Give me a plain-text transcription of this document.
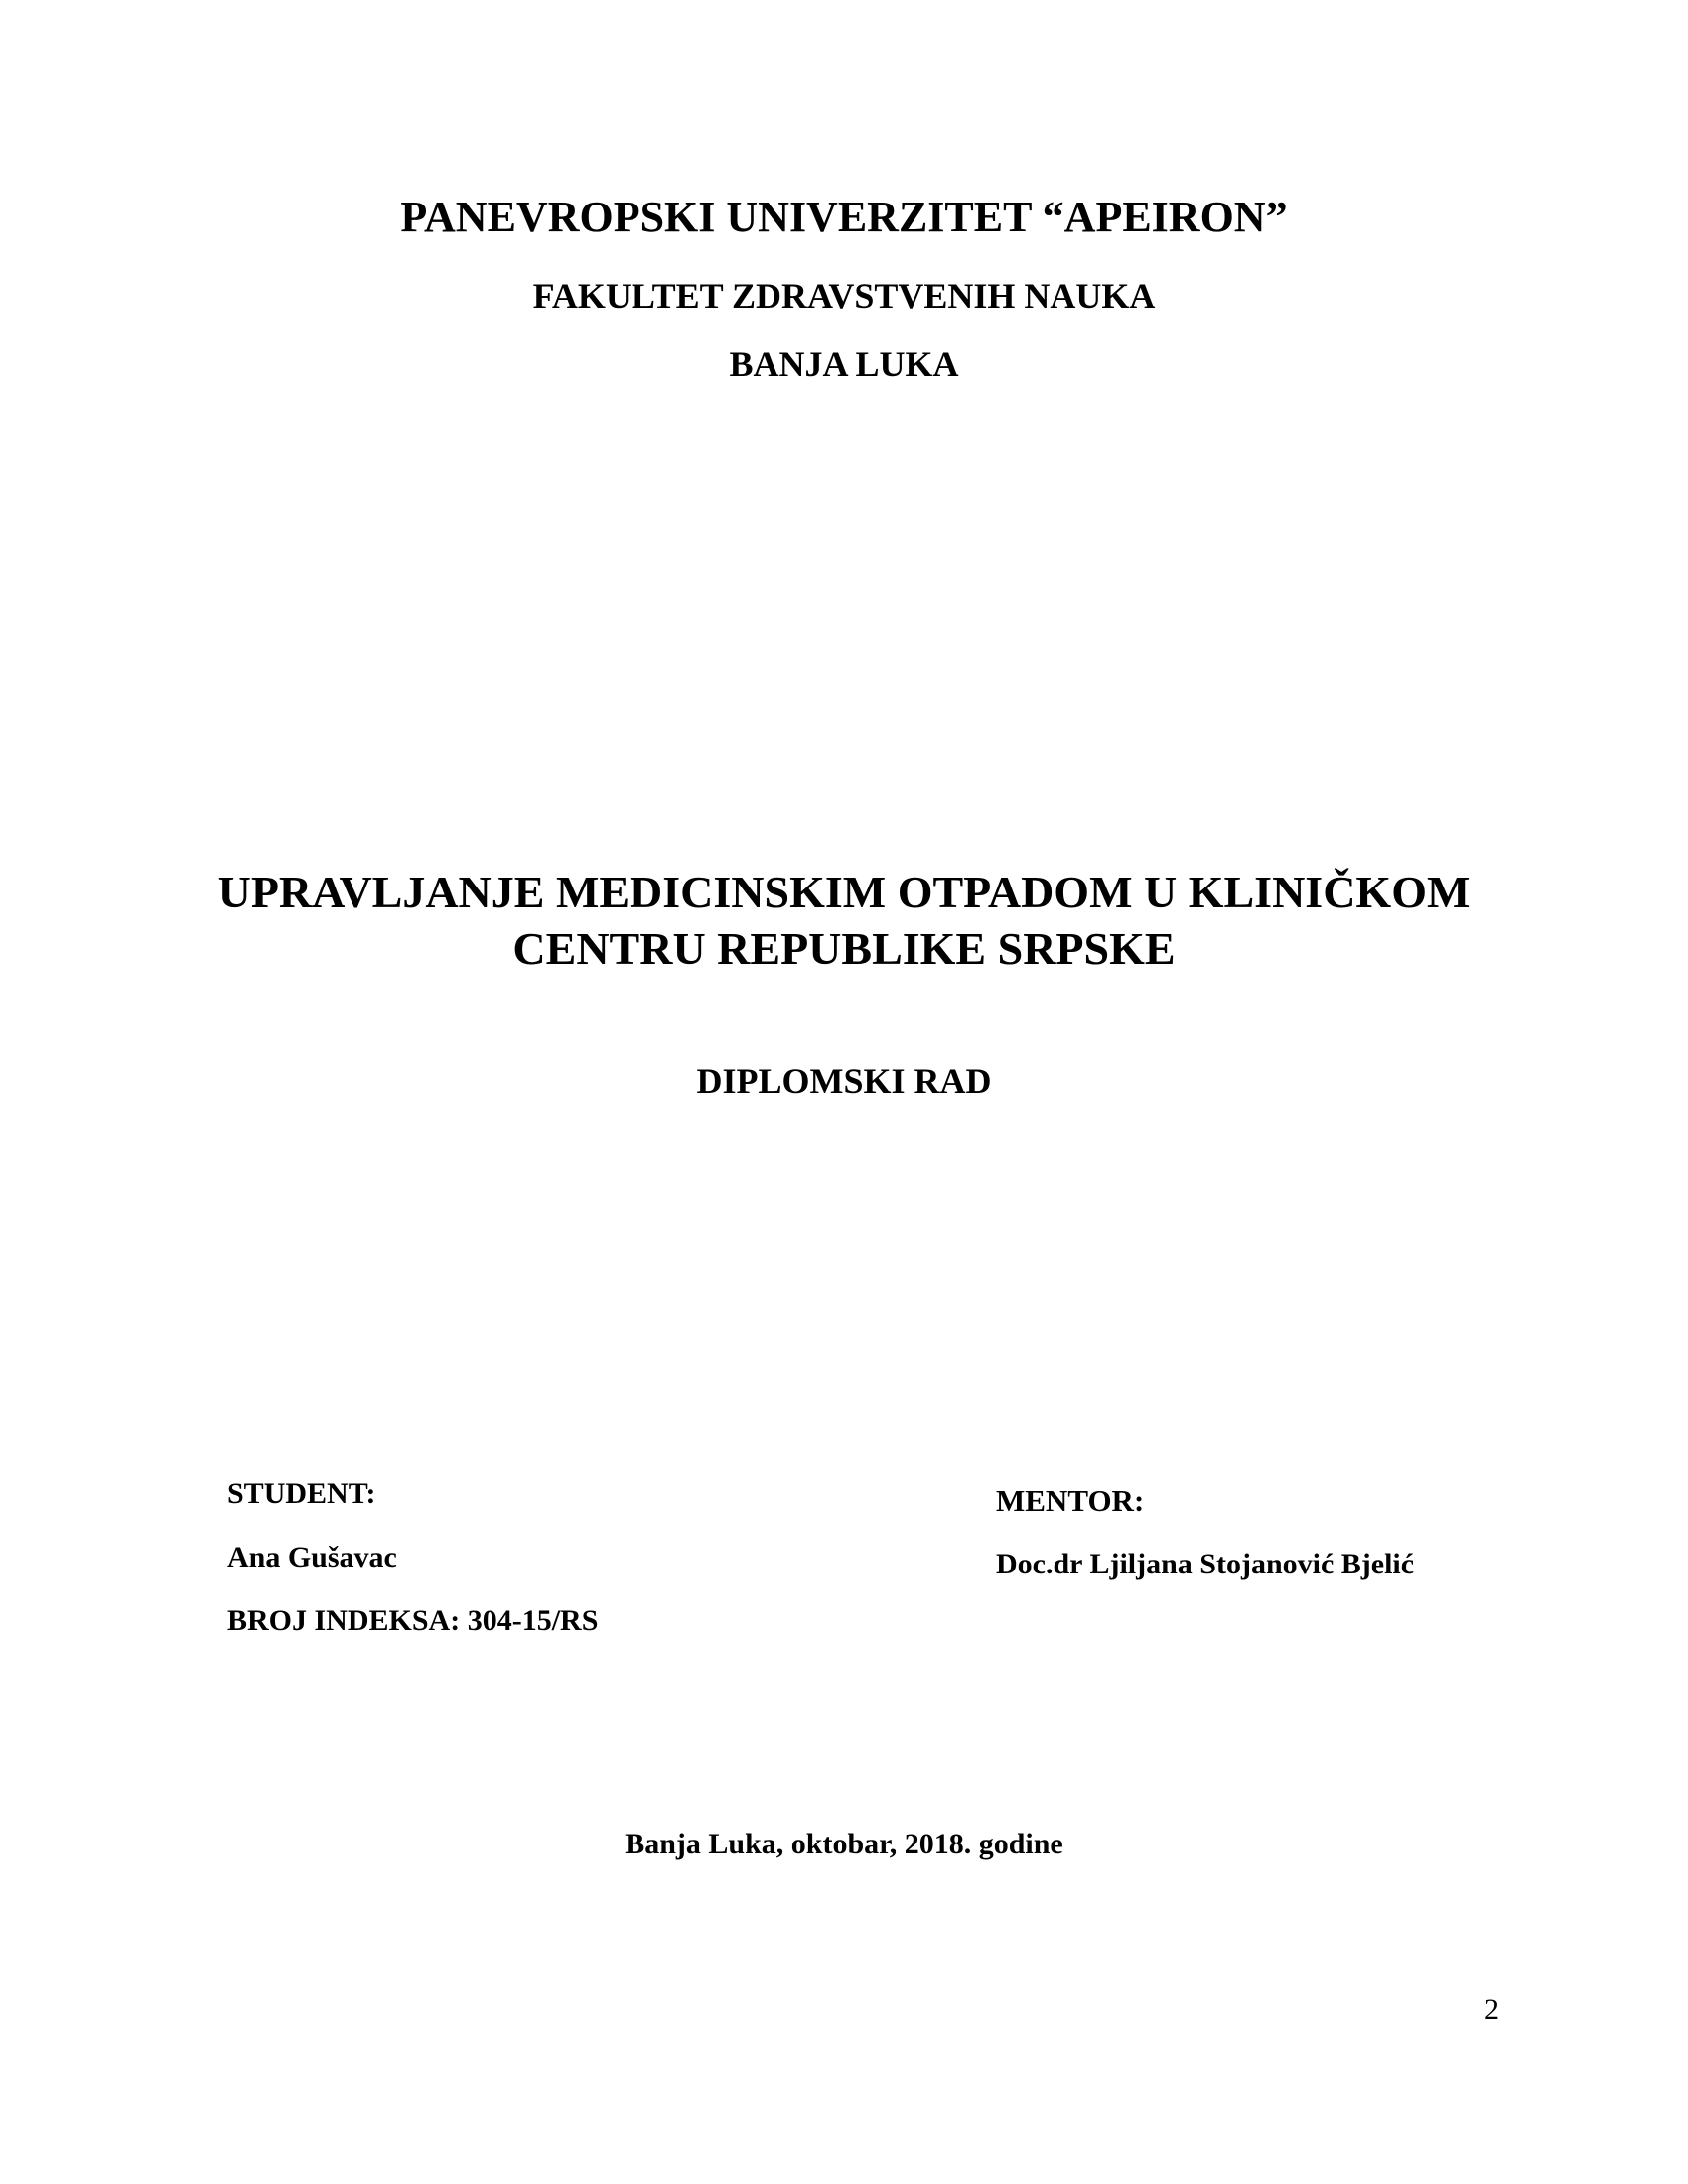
PANEVROPSKI UNIVERZITET “APEIRON”
FAKULTET ZDRAVSTVENIH NAUKA
BANJA LUKA
UPRAVLJANJE MEDICINSKIM OTPADOM U KLINIČKOM
CENTRU REPUBLIKE SRPSKE
DIPLOMSKI RAD
STUDENT:
Ana Gušavac
BROJ INDEKSA: 304-15/RS
MENTOR:
Doc.dr Ljiljana Stojanović Bjelić
Banja Luka, oktobar, 2018. godine
2
